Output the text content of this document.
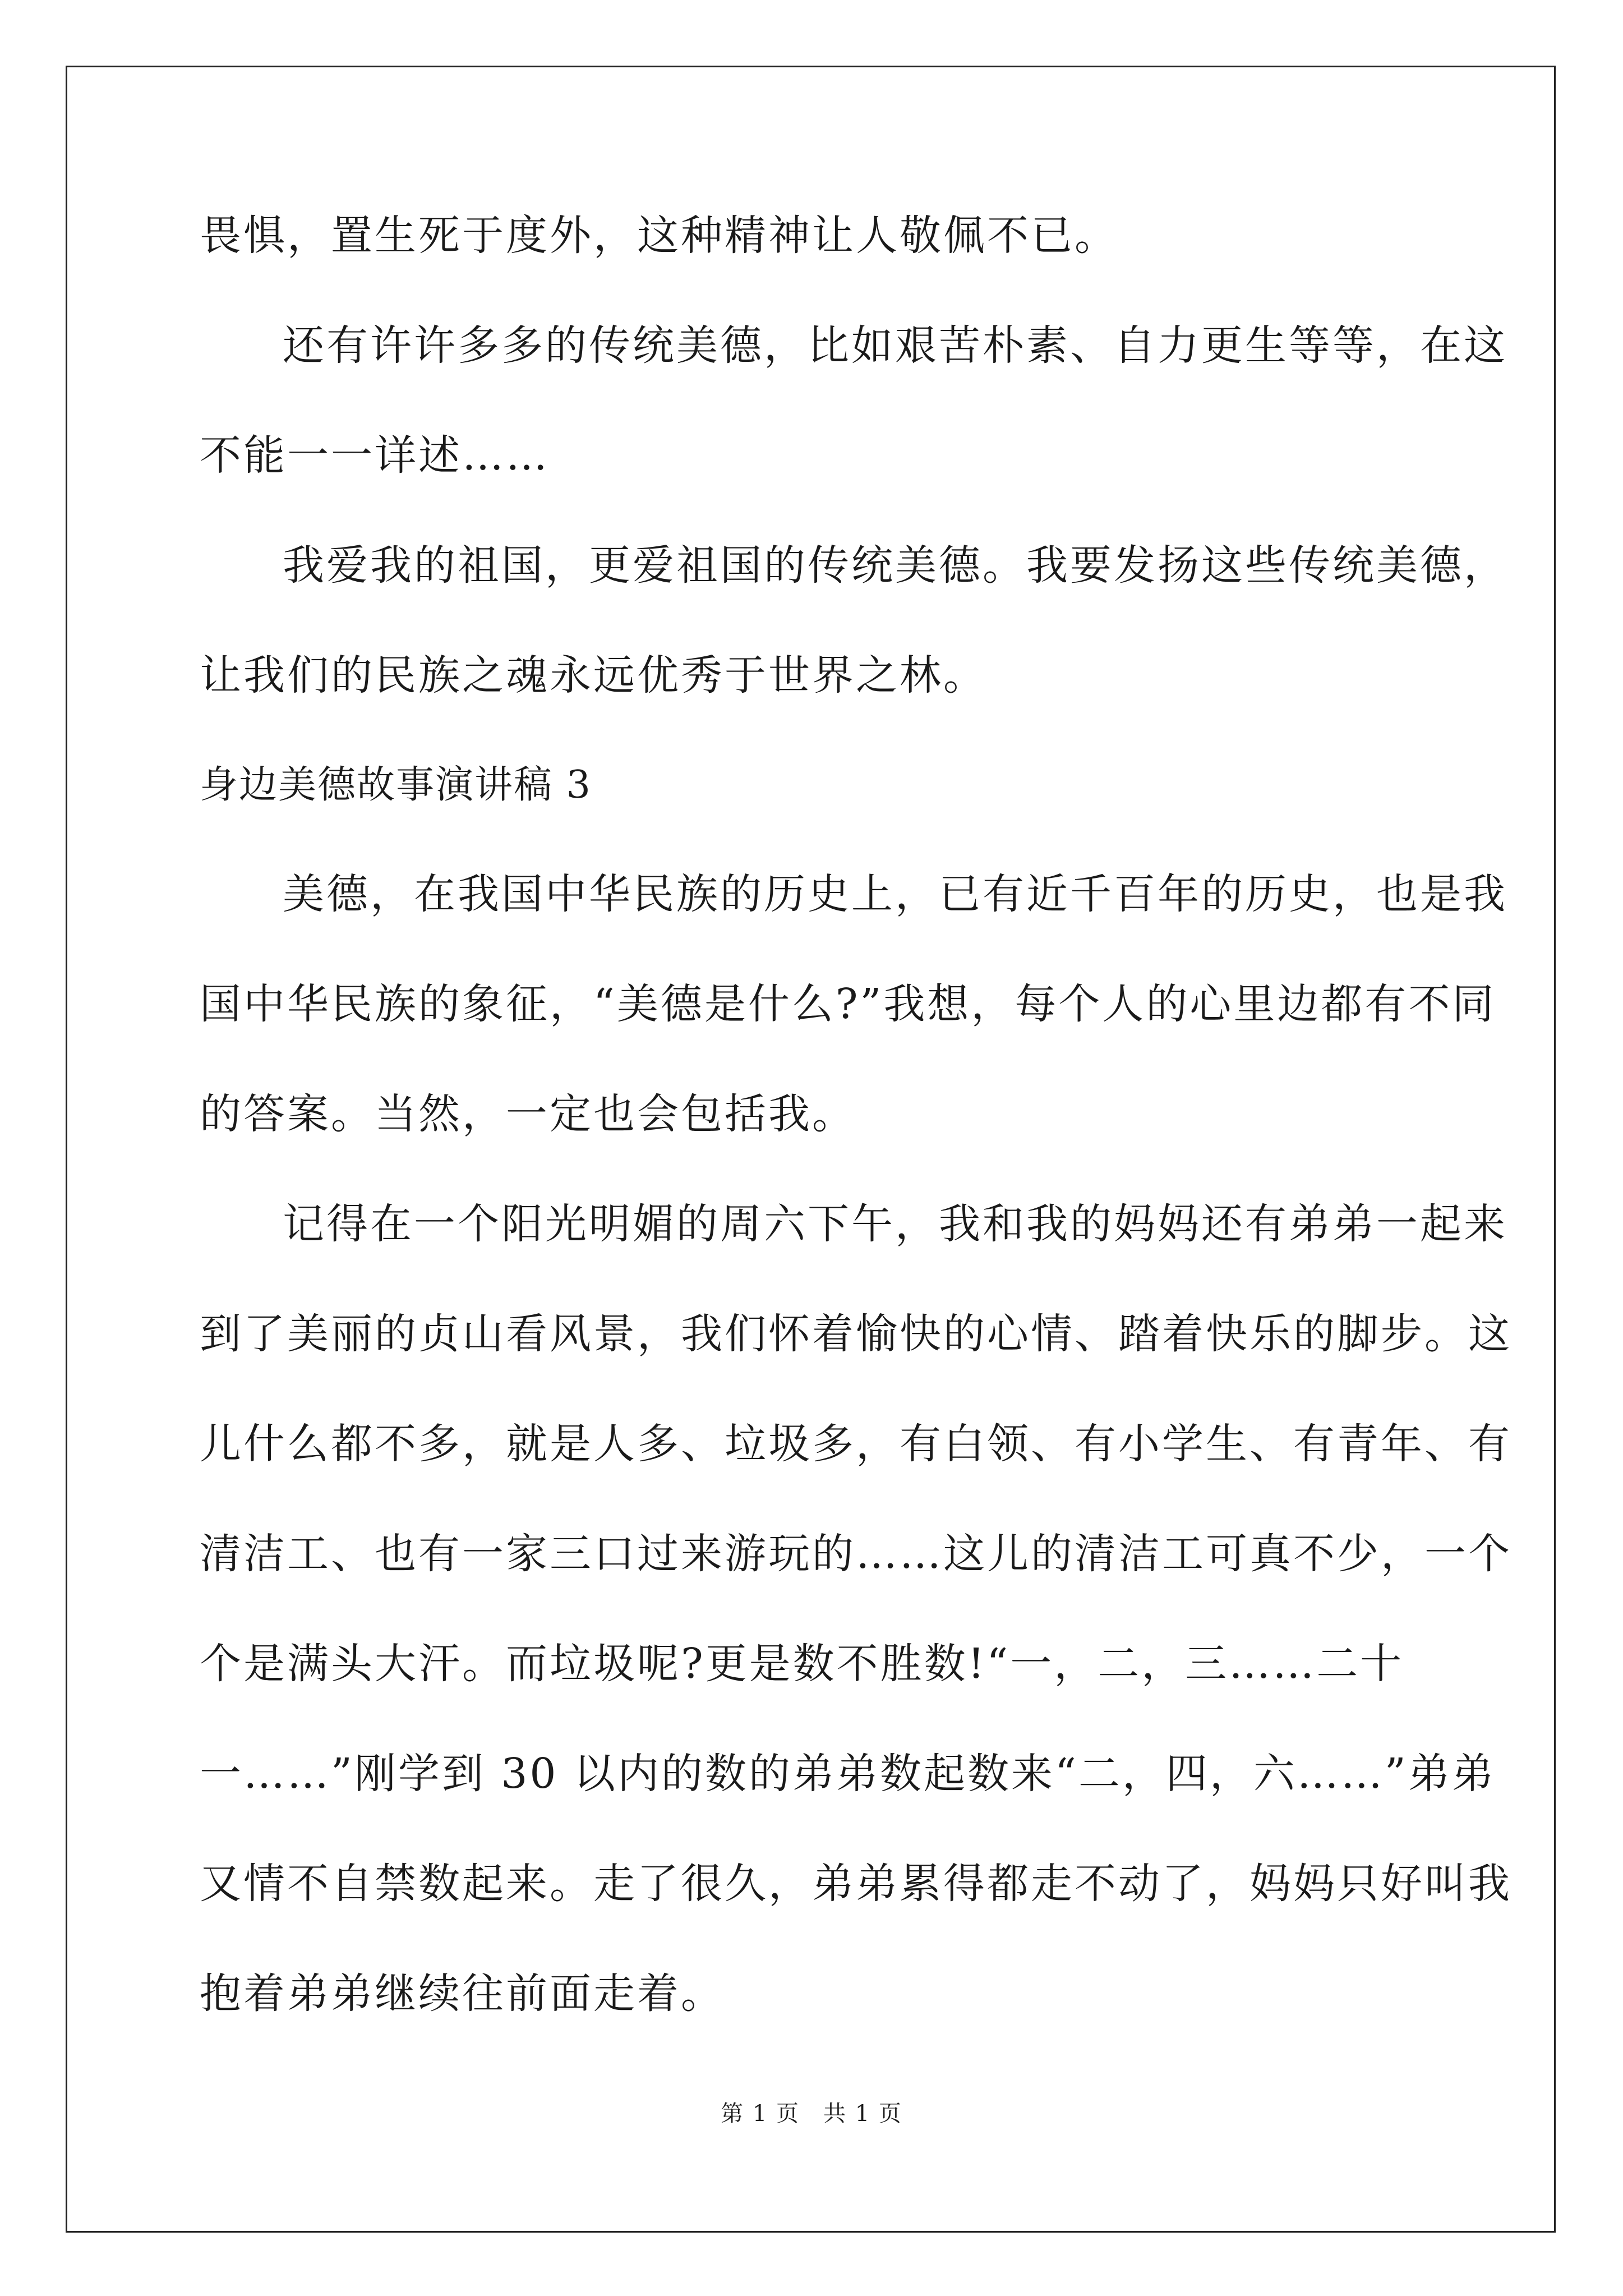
畏惧，置生死于度外，这种精神让人敬佩不已。
还有许许多多的传统美德，比如艰苦朴素、自力更生等等，在这
不能一一详述……
我爱我的祖国，更爱祖国的传统美德。我要发扬这些传统美德，
让我们的民族之魂永远优秀于世界之林。
身边美德故事演讲稿 3
美德，在我国中华民族的历史上，已有近千百年的历史，也是我
国中华民族的象征，“美德是什么?”我想，每个人的心里边都有不同
的答案。当然，一定也会包括我。
记得在一个阳光明媚的周六下午，我和我的妈妈还有弟弟一起来
到了美丽的贞山看风景，我们怀着愉快的心情、踏着快乐的脚步。这
儿什么都不多，就是人多、垃圾多，有白领、有小学生、有青年、有
清洁工、也有一家三口过来游玩的……这儿的清洁工可真不少，一个
个是满头大汗。而垃圾呢?更是数不胜数!“一，二，三……二十
一……”刚学到 30 以内的数的弟弟数起数来“二，四，六……”弟弟
又情不自禁数起来。走了很久，弟弟累得都走不动了，妈妈只好叫我
抱着弟弟继续往前面走着。
第 1 页　共 1 页
